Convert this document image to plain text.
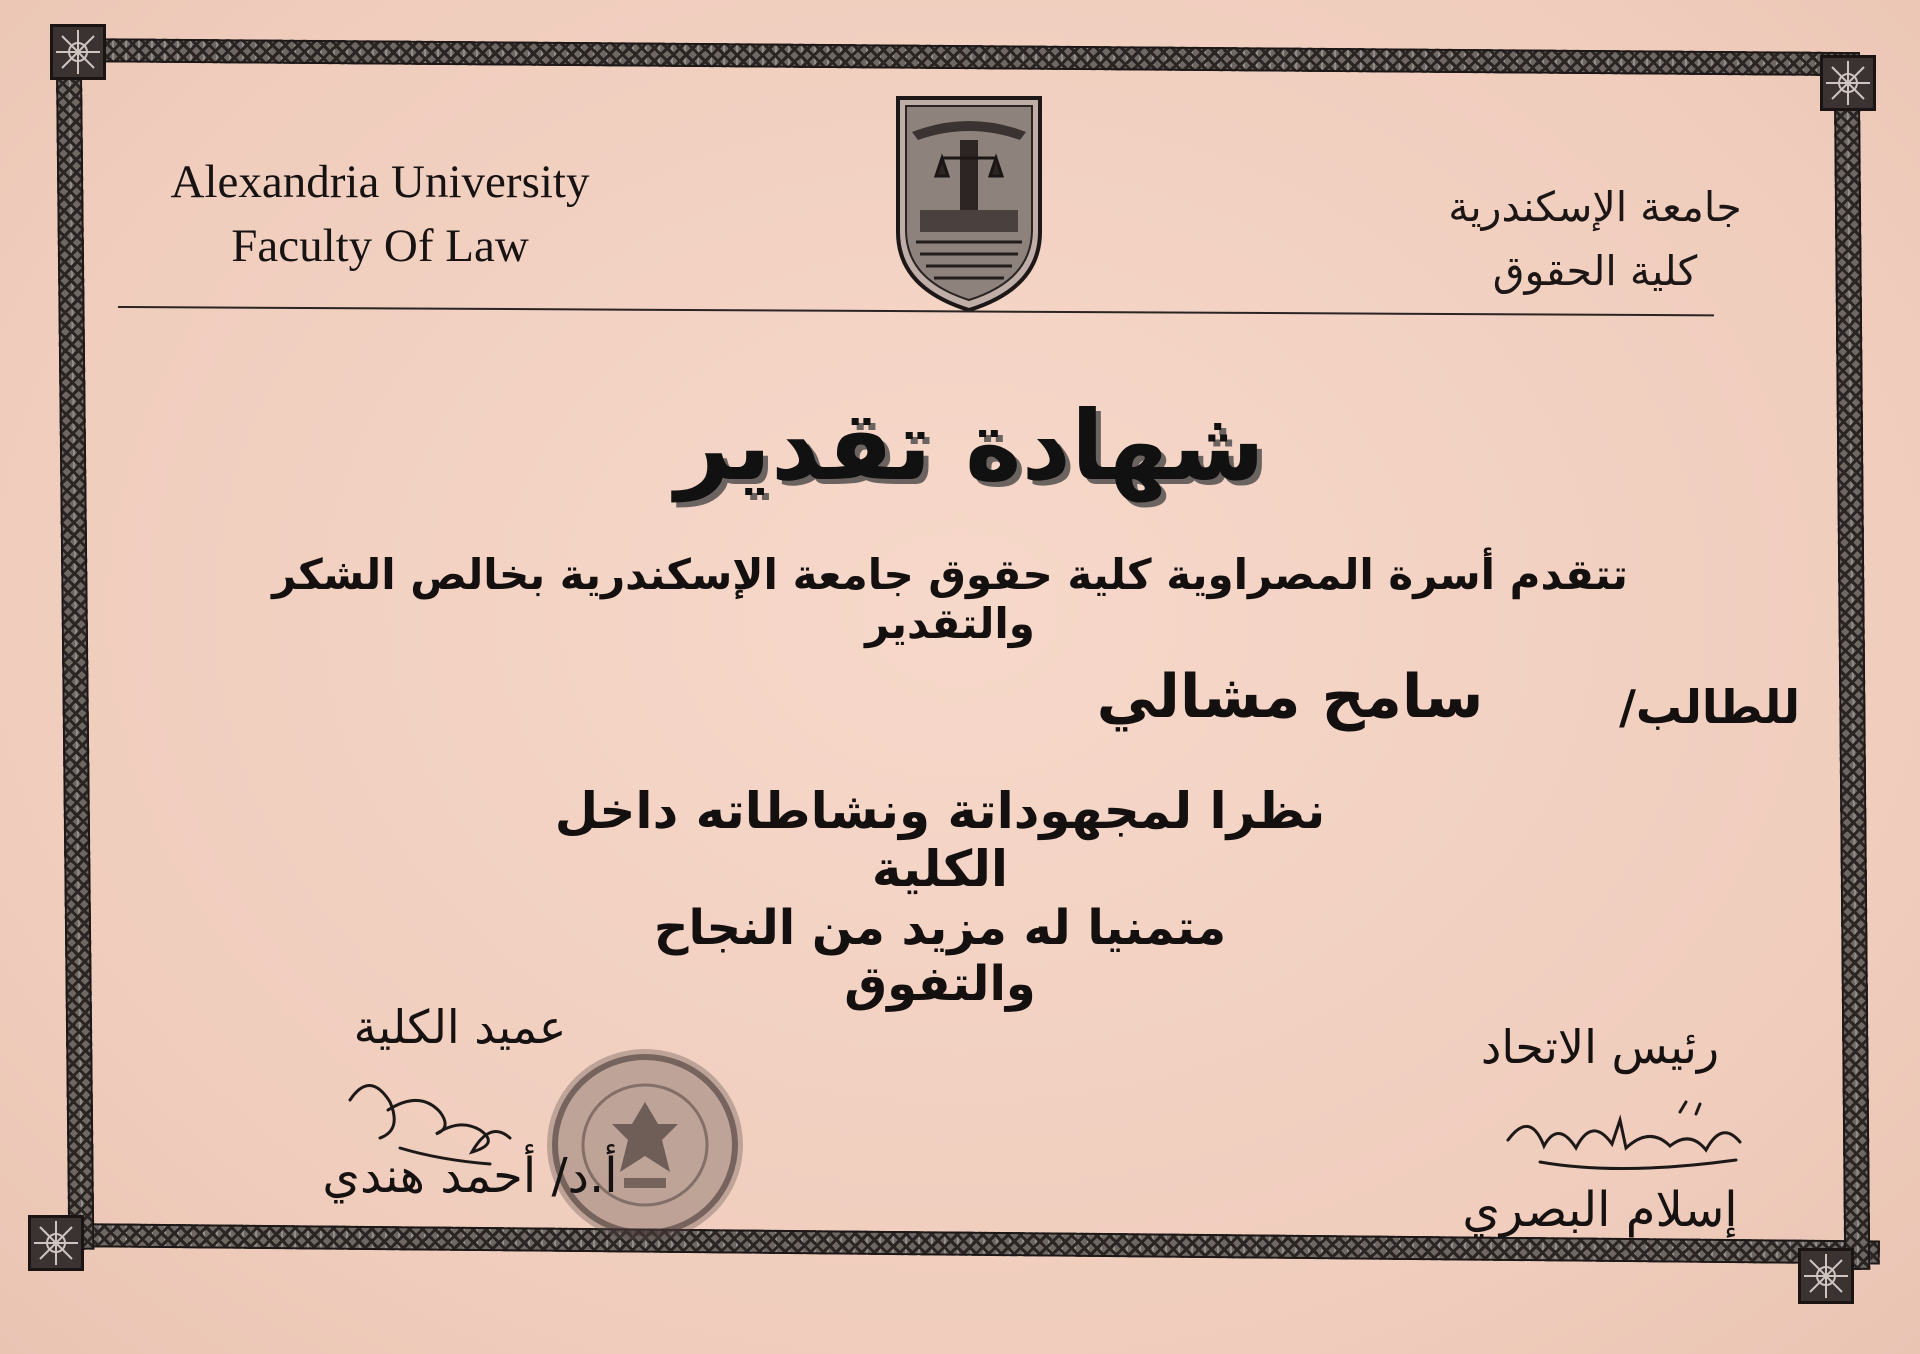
Alexandria University
Faculty Of Law
جامعة الإسكندرية
كلية الحقوق
شهادة تقدير
تتقدم أسرة المصراوية كلية حقوق جامعة الإسكندرية بخالص الشكر والتقدير
للطالب/
سامح مشالي
نظرا لمجهوداتة ونشاطاته داخل الكلية
متمنيا له مزيد من النجاح والتفوق
عميد الكلية
أ.د/ أحمد هندي
رئيس الاتحاد
إسلام البصري
